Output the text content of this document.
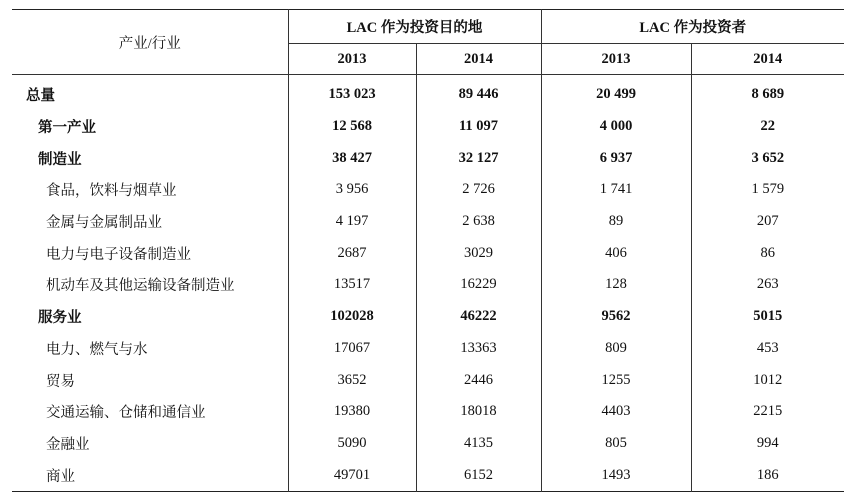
产业/行业	LAC 作为投资目的地		LAC 作为投资者	
	2013	2014	2013	2014
总量	153 023	89 446	20 499	8 689
第一产业	12 568	11 097	4 000	22
制造业	38 427	32 127	6 937	3 652
食品，饮料与烟草业	3 956	2 726	1 741	1 579
金属与金属制品业	4 197	2 638	89	207
电力与电子设备制造业	2687	3029	406	86
机动车及其他运输设备制造业	13517	16229	128	263
服务业	102028	46222	9562	5015
电力、燃气与水	17067	13363	809	453
贸易	3652	2446	1255	1012
交通运输、仓储和通信业	19380	18018	4403	2215
金融业	5090	4135	805	994
商业	49701	6152	1493	186
